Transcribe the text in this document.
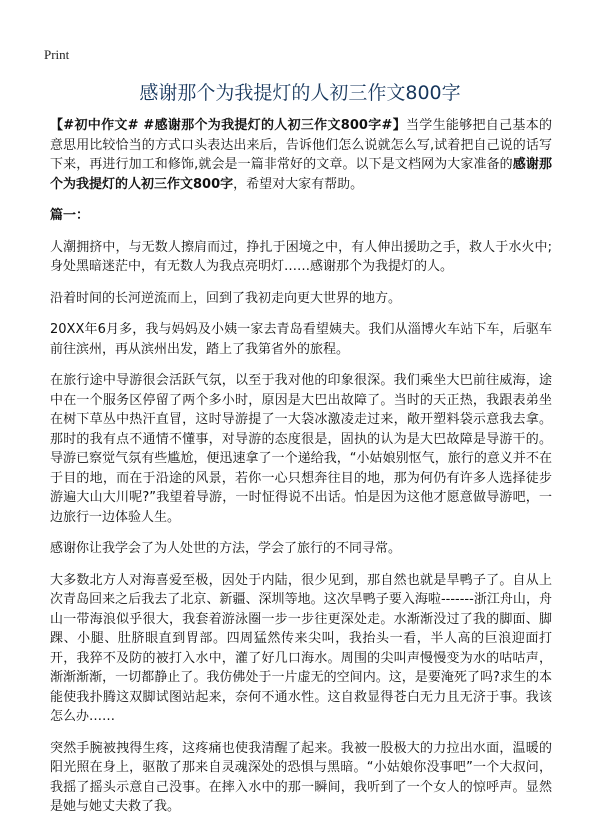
Print
感谢那个为我提灯的人初三作文800字

【#初中作文# #感谢那个为我提灯的人初三作文800字#】当学生能够把自己基本的意思用比较恰当的方式口头表达出来后，告诉他们怎么说就怎么写,试着把自己说的话写下来，再进行加工和修饰,就会是一篇非常好的文章。以下是文档网为大家准备的感谢那个为我提灯的人初三作文800字，希望对大家有帮助。

篇一：

人潮拥挤中，与无数人擦肩而过，挣扎于困境之中，有人伸出援助之手，救人于水火中;身处黑暗迷茫中，有无数人为我点亮明灯……感谢那个为我提灯的人。

沿着时间的长河逆流而上，回到了我初走向更大世界的地方。

20XX年6月多，我与妈妈及小姨一家去青岛看望姨夫。我们从淄博火车站下车，后驱车前往滨州，再从滨州出发，踏上了我第省外的旅程。

在旅行途中导游很会活跃气氛，以至于我对他的印象很深。我们乘坐大巴前往威海，途中在一个服务区停留了两个多小时，原因是大巴出故障了。当时的天正热，我跟表弟坐在树下草丛中热汗直冒，这时导游提了一大袋冰激凌走过来，敞开塑料袋示意我去拿。那时的我有点不通情不懂事，对导游的态度很是，固执的认为是大巴故障是导游干的。导游已察觉气氛有些尴尬，便迅速拿了一个递给我，“小姑娘别怄气，旅行的意义并不在于目的地，而在于沿途的风景，若你一心只想奔往目的地，那为何仍有许多人选择徒步游遍大山大川呢?”我望着导游，一时怔得说不出话。怕是因为这他才愿意做导游吧，一边旅行一边体验人生。

感谢你让我学会了为人处世的方法，学会了旅行的不同寻常。

大多数北方人对海喜爱至极，因处于内陆，很少见到，那自然也就是旱鸭子了。自从上次青岛回来之后我去了北京、新疆、深圳等地。这次旱鸭子要入海啦-------浙江舟山，舟山一带海浪似乎很大，我套着游泳圈一步一步往更深处走。水渐渐没过了我的脚面、脚踝、小腿、肚脐眼直到胃部。四周猛然传来尖叫，我抬头一看，半人高的巨浪迎面打开，我猝不及防的被打入水中，灌了好几口海水。周围的尖叫声慢慢变为水的咕咕声，渐渐渐渐，一切都静止了。我仿佛处于一片虚无的空间内。这，是要淹死了吗?求生的本能使我扑腾这双脚试图站起来，奈何不通水性。这自救显得苍白无力且无济于事。我该怎么办……

突然手腕被拽得生疼，这疼痛也使我清醒了起来。我被一股极大的力拉出水面，温暖的阳光照在身上，驱散了那来自灵魂深处的恐惧与黑暗。“小姑娘你没事吧”一个大叔问，我摇了摇头示意自己没事。在摔入水中的那一瞬间，我听到了一个女人的惊呼声。显然是她与她丈夫救了我。
